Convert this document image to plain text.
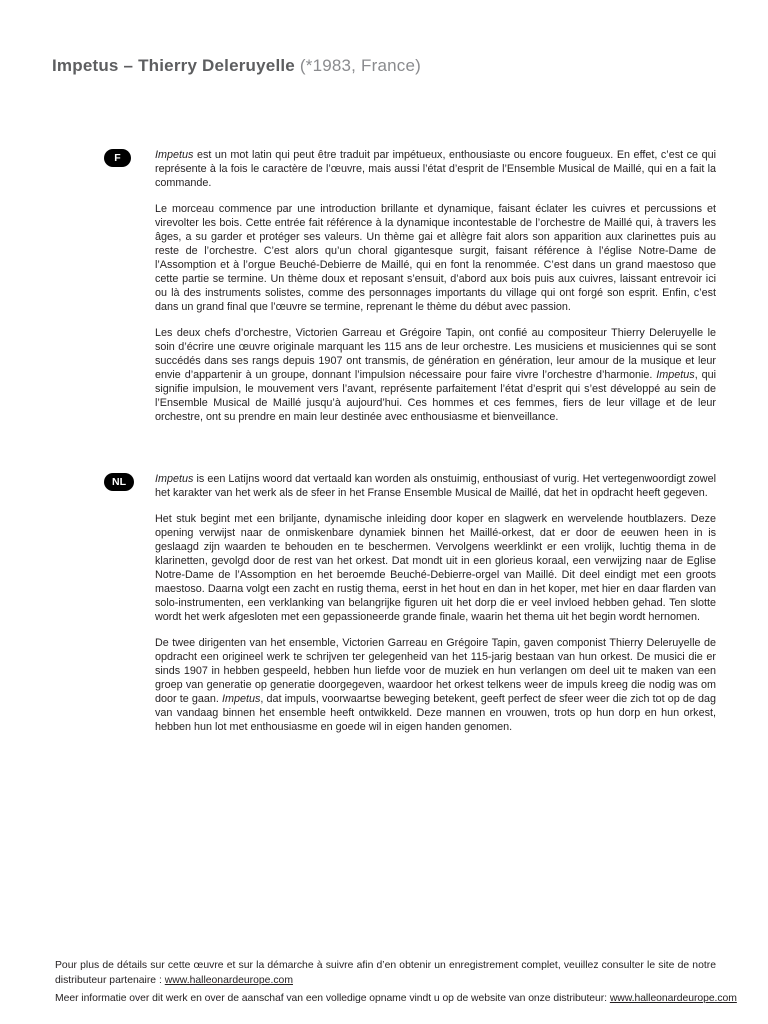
Impetus – Thierry Deleruyelle (*1983, France)
F	Impetus est un mot latin qui peut être traduit par impétueux, enthousiaste ou encore fougueux. En effet, c’est ce qui représente à la fois le caractère de l’œuvre, mais aussi l’état d’esprit de l’Ensemble Musical de Maillé, qui en a fait la commande.

Le morceau commence par une introduction brillante et dynamique, faisant éclater les cuivres et percussions et virevolter les bois. Cette entrée fait référence à la dynamique incontestable de l’orchestre de Maillé qui, à travers les âges, a su garder et protéger ses valeurs. Un thème gai et allègre fait alors son apparition aux clarinettes puis au reste de l’orchestre. C’est alors qu’un choral gigantesque surgit, faisant référence à l’église Notre-Dame de l’Assomption et à l’orgue Beuché-Debierre de Maillé, qui en font la renommée. C’est dans un grand maestoso que cette partie se termine. Un thème doux et reposant s’ensuit, d’abord aux bois puis aux cuivres, laissant entrevoir ici ou là des instruments solistes, comme des personnages importants du village qui ont forgé son esprit. Enfin, c’est dans un grand final que l’œuvre se termine, reprenant le thème du début avec passion.

Les deux chefs d’orchestre, Victorien Garreau et Grégoire Tapin, ont confié au compositeur Thierry Deleruyelle le soin d’écrire une œuvre originale marquant les 115 ans de leur orchestre. Les musiciens et musiciennes qui se sont succédés dans ses rangs depuis 1907 ont transmis, de génération en génération, leur amour de la musique et leur envie d’appartenir à un groupe, donnant l’impulsion nécessaire pour faire vivre l’orchestre d’harmonie. Impetus, qui signifie impulsion, le mouvement vers l’avant, représente parfaitement l’état d’esprit qui s’est développé au sein de l’Ensemble Musical de Maillé jusqu’à aujourd’hui. Ces hommes et ces femmes, fiers de leur village et de leur orchestre, ont su prendre en main leur destinée avec enthousiasme et bienveillance.

NL	Impetus is een Latijns woord dat vertaald kan worden als onstuimig, enthousiast of vurig. Het vertegenwoordigt zowel het karakter van het werk als de sfeer in het Franse Ensemble Musical de Maillé, dat het in opdracht heeft gegeven.

Het stuk begint met een briljante, dynamische inleiding door koper en slagwerk en wervelende houtblazers. Deze opening verwijst naar de onmiskenbare dynamiek binnen het Maillé-orkest, dat er door de eeuwen heen in is geslaagd zijn waarden te behouden en te beschermen. Vervolgens weerklinkt er een vrolijk, luchtig thema in de klarinetten, gevolgd door de rest van het orkest. Dat mondt uit in een glorieus koraal, een verwijzing naar de Eglise Notre-Dame de l’Assomption en het beroemde Beuché-Debierre-orgel van Maillé. Dit deel eindigt met een groots maestoso. Daarna volgt een zacht en rustig thema, eerst in het hout en dan in het koper, met hier en daar flarden van solo-instrumenten, een verklanking van belangrijke figuren uit het dorp die er veel invloed hebben gehad. Ten slotte wordt het werk afgesloten met een gepassioneerde grande finale, waarin het thema uit het begin wordt hernomen.

De twee dirigenten van het ensemble, Victorien Garreau en Grégoire Tapin, gaven componist Thierry Deleruyelle de opdracht een origineel werk te schrijven ter gelegenheid van het 115-jarig bestaan van hun orkest. De musici die er sinds 1907 in hebben gespeeld, hebben hun liefde voor de muziek en hun verlangen om deel uit te maken van een groep van generatie op generatie doorgegeven, waardoor het orkest telkens weer de impuls kreeg die nodig was om door te gaan. Impetus, dat impuls, voorwaartse beweging betekent, geeft perfect de sfeer weer die zich tot op de dag van vandaag binnen het ensemble heeft ontwikkeld. Deze mannen en vrouwen, trots op hun dorp en hun orkest, hebben hun lot met enthousiasme en goede wil in eigen handen genomen.

Pour plus de détails sur cette œuvre et sur la démarche à suivre afin d’en obtenir un enregistrement complet, veuillez consulter le site de notre distributeur partenaire : www.halleonardeurope.com

Meer informatie over dit werk en over de aanschaf van een volledige opname vindt u op de website van onze distributeur: www.halleonardeurope.com
